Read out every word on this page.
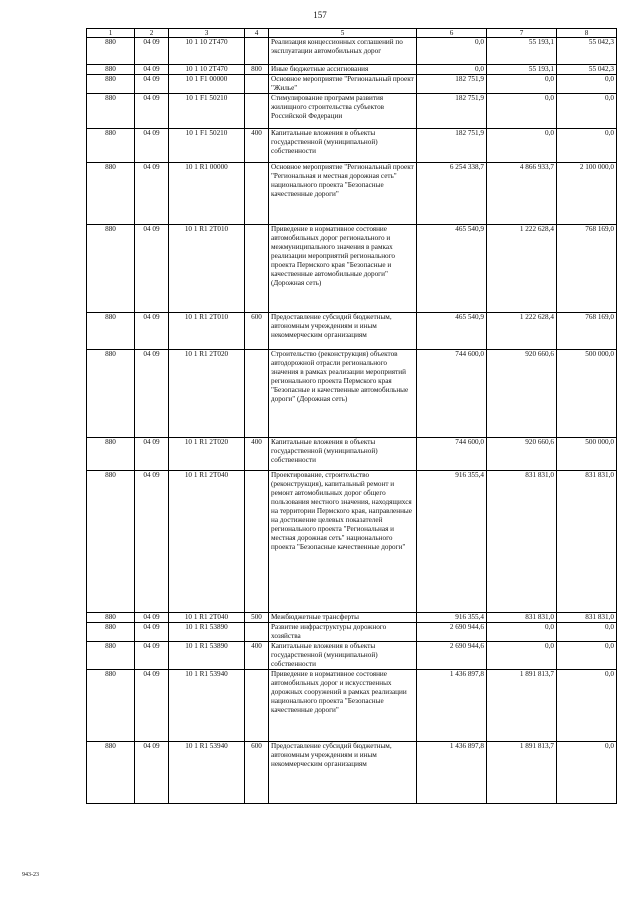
157
1	2	3	4	5	6	7	8
880	04 09	10 1 10 2T470		Реализация концессионных соглашений по эксплуатации автомобильных дорог	0,0	55 193,1	55 042,3
880	04 09	10 1 10 2T470	800	Иные бюджетные ассигнования	0,0	55 193,1	55 042,3
880	04 09	10 1 F1 00000		Основное мероприятие "Региональный проект "Жилье"	182 751,9	0,0	0,0
880	04 09	10 1 F1 50210		Стимулирование программ развития жилищного строительства субъектов Российской Федерации	182 751,9	0,0	0,0
880	04 09	10 1 F1 50210	400	Капитальные вложения в объекты государственной (муниципальной) собственности	182 751,9	0,0	0,0
880	04 09	10 1 R1 00000		Основное мероприятие "Региональный проект "Региональная и местная дорожная сеть" национального проекта "Безопасные качественные дороги"	6 254 338,7	4 866 933,7	2 100 000,0
880	04 09	10 1 R1 2T010		Приведение в нормативное состояние автомобильных дорог регионального и межмуниципального значения в рамках реализации мероприятий регионального проекта Пермского края "Безопасные и качественные автомобильные дороги" (Дорожная сеть)	465 540,9	1 222 628,4	768 169,0
880	04 09	10 1 R1 2T010	600	Предоставление субсидий бюджетным, автономным учреждениям и иным некоммерческим организациям	465 540,9	1 222 628,4	768 169,0
880	04 09	10 1 R1 2T020		Строительство (реконструкция) объектов автодорожной отрасли регионального значения в рамках реализации мероприятий регионального проекта Пермского края "Безопасные и качественные автомобильные дороги" (Дорожная сеть)	744 600,0	920 660,6	500 000,0
880	04 09	10 1 R1 2T020	400	Капитальные вложения в объекты государственной (муниципальной) собственности	744 600,0	920 660,6	500 000,0
880	04 09	10 1 R1 2T040		Проектирование, строительство (реконструкция), капитальный ремонт и ремонт автомобильных дорог общего пользования местного значения, находящихся на территории Пермского края, направленные на достижение целевых показателей регионального проекта "Региональная и местная дорожная сеть" национального проекта "Безопасные качественные дороги"	916 355,4	831 831,0	831 831,0
880	04 09	10 1 R1 2T040	500	Межбюджетные трансферты	916 355,4	831 831,0	831 831,0
880	04 09	10 1 R1 53890		Развитие инфраструктуры дорожного хозяйства	2 690 944,6	0,0	0,0
880	04 09	10 1 R1 53890	400	Капитальные вложения в объекты государственной (муниципальной) собственности	2 690 944,6	0,0	0,0
880	04 09	10 1 R1 53940		Приведение в нормативное состояние автомобильных дорог и искусственных дорожных сооружений в рамках реализации национального проекта "Безопасные качественные дороги"	1 436 897,8	1 891 813,7	0,0
880	04 09	10 1 R1 53940	600	Предоставление субсидий бюджетным, автономным учреждениям и иным некоммерческим организациям	1 436 897,8	1 891 813,7	0,0
943-23
